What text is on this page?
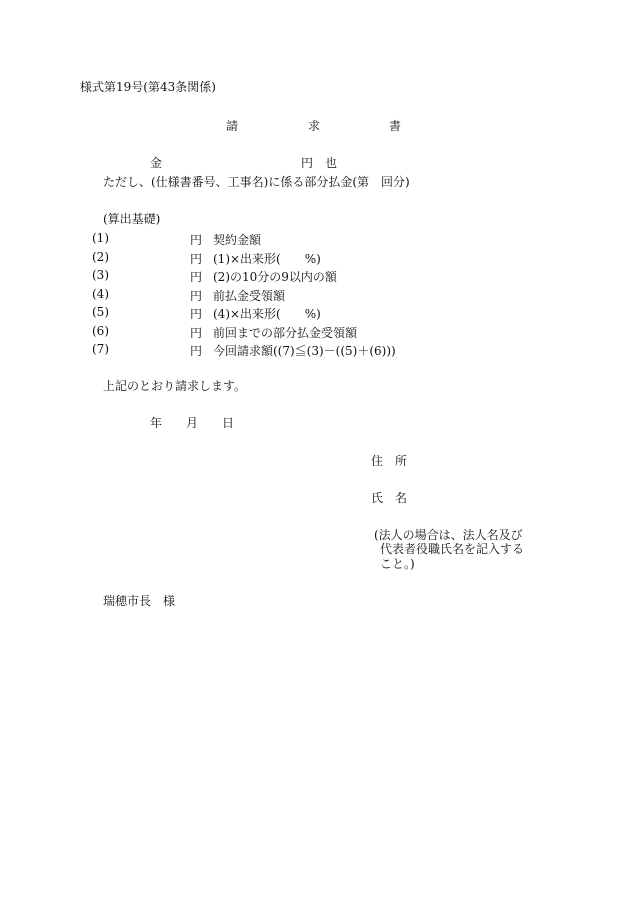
様式第19号(第43条関係)
請	求	書
金	円　也
ただし、(仕様書番号、工事名)に係る部分払金(第　回分)
(算出基礎)
(1)	円 契約金額
(2)	円 (1)×出来形(　　%)
(3)	円 (2)の10分の9以内の額
(4)	円 前払金受領額
(5)	円 (4)×出来形(　　%)
(6)	円 前回までの部分払金受領額
(7)	円 今回請求額((7)≦(3)－((5)＋(6)))
上記のとおり請求します。
年　　月　　日
住　所
氏　名
(法人の場合は、法人名及び
代表者役職氏名を記入する
こと。)
瑞穂市長　様
